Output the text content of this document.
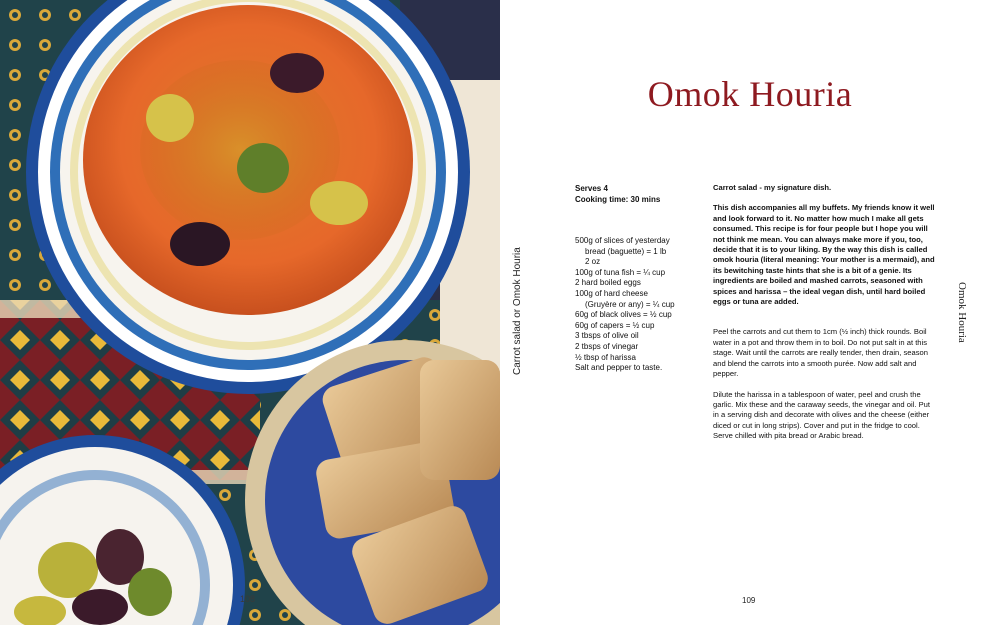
108
Omok Houria
Carrot salad or Omok Houria	Omok Houria
Serves 4
Cooking time: 30 mins
500g of slices of yesterday
bread (baguette) = 1 lb
2 oz
100g of tuna fish = ¼ cup
2 hard boiled eggs
100g of hard cheese
(Gruyère or any) = ¼ cup
60g of black olives = ½ cup
60g of capers = ½ cup
3 tbsps of olive oil
2 tbsps of vinegar
½ tbsp of harissa
Salt and pepper to taste.
Carrot salad - my signature dish.
This dish accompanies all my buffets. My friends know it well and look forward to it. No matter how much I make all gets consumed. This recipe is for four people but I hope you will not think me mean. You can always make more if you, too, decide that it is to your liking. By the way this dish is called omok houria (literal meaning: Your mother is a mermaid), and its bewitching taste hints that she is a bit of a genie. Its ingredients are boiled and mashed carrots, seasoned with spices and harissa – the ideal vegan dish, until hard boiled eggs or tuna are added.
Peel the carrots and cut them to 1cm (½ inch) thick rounds. Boil water in a pot and throw them in to boil. Do not put salt in at this stage. Wait until the carrots are really tender, then drain, season and blend the carrots into a smooth purée. Now add salt and pepper.
Dilute the harissa in a tablespoon of water, peel and crush the garlic. Mix these and the caraway seeds, the vinegar and oil. Put in a serving dish and decorate with olives and the cheese (either diced or cut in long strips). Cover and put in the fridge to cool. Serve chilled with pita bread or Arabic bread.
109
